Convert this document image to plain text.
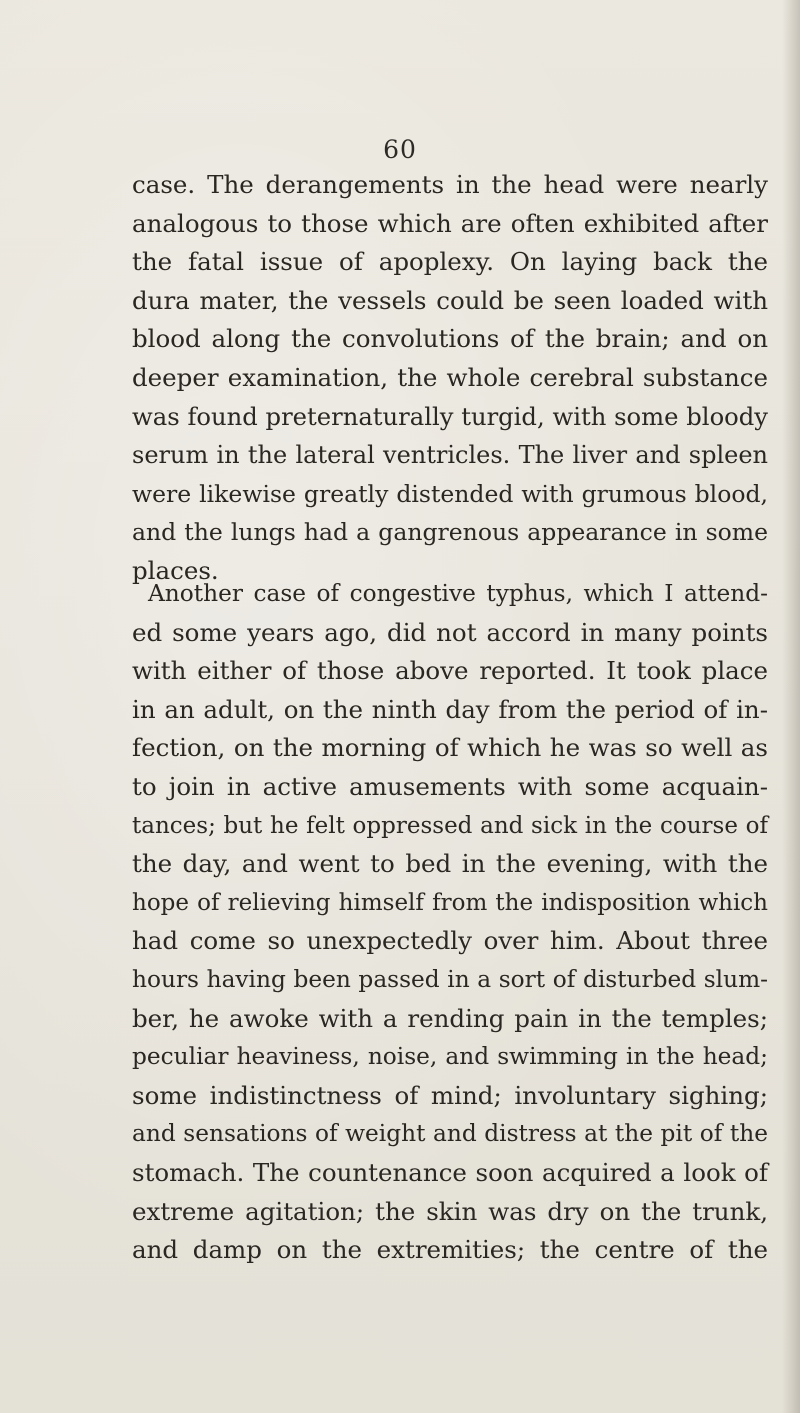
60

case. The derangements in the head were nearly
analogous to those which are often exhibited after
the fatal issue of apoplexy. On laying back the
dura mater, the vessels could be seen loaded with
blood along the convolutions of the brain; and on
deeper examination, the whole cerebral substance
was found preternaturally turgid, with some bloody
serum in the lateral ventricles. The liver and spleen
were likewise greatly distended with grumous blood,
and the lungs had a gangrenous appearance in some
places.

Another case of congestive typhus, which I attend-
ed some years ago, did not accord in many points
with either of those above reported. It took place
in an adult, on the ninth day from the period of in-
fection, on the morning of which he was so well as
to join in active amusements with some acquain-
tances; but he felt oppressed and sick in the course of
the day, and went to bed in the evening, with the
hope of relieving himself from the indisposition which
had come so unexpectedly over him. About three
hours having been passed in a sort of disturbed slum-
ber, he awoke with a rending pain in the temples;
peculiar heaviness, noise, and swimming in the head;
some indistinctness of mind; involuntary sighing;
and sensations of weight and distress at the pit of the
stomach. The countenance soon acquired a look of
extreme agitation; the skin was dry on the trunk,
and damp on the extremities; the centre of the
